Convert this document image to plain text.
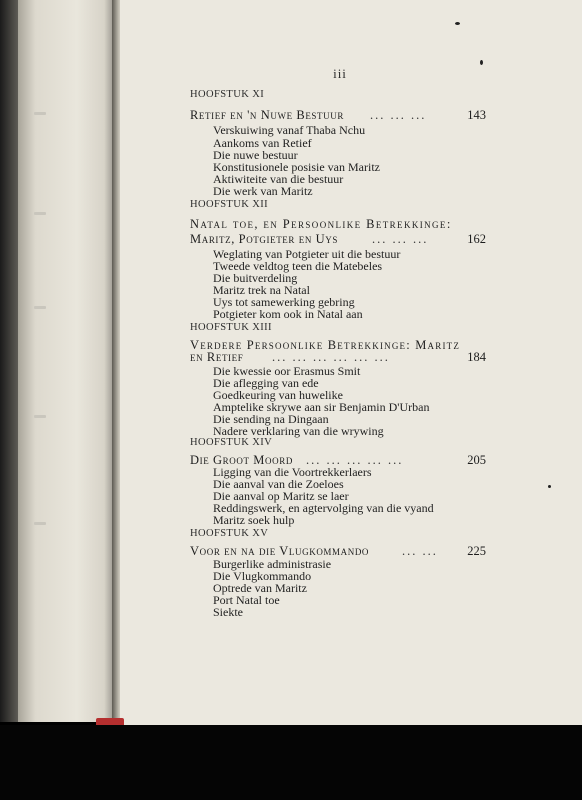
iii
HOOFSTUK XI
Retief en 'n Nuwe Bestuur ... ... ...	143
Verskuiwing vanaf Thaba Nchu
Aankoms van Retief
Die nuwe bestuur
Konstitusionele posisie van Maritz
Aktiwiteite van die bestuur
Die werk van Maritz
HOOFSTUK XII
Natal toe, en Persoonlike Betrekkinge:
Maritz, Potgieter en Uys	... ... ...	162
Weglating van Potgieter uit die bestuur
Tweede veldtog teen die Matebeles
Die buitverdeling
Maritz trek na Natal
Uys tot samewerking gebring
Potgieter kom ook in Natal aan
HOOFSTUK XIII
Verdere Persoonlike Betrekkinge: Maritz
en Retief ... ... ... ... ... ...	184
Die kwessie oor Erasmus Smit
Die aflegging van ede
Goedkeuring van huwelike
Amptelike skrywe aan sir Benjamin D'Urban
Die sending na Dingaan
Nadere verklaring van die wrywing
HOOFSTUK XIV
Die Groot Moord ... ... ... ... ...	205
Ligging van die Voortrekkerlaers
Die aanval van die Zoeloes
Die aanval op Maritz se laer
Reddingswerk, en agtervolging van die vyand
Maritz soek hulp
HOOFSTUK XV
Voor en na die Vlugkommando	... ... 225
Burgerlike administrasie
Die Vlugkommando
Optrede van Maritz
Port Natal toe
Siekte
